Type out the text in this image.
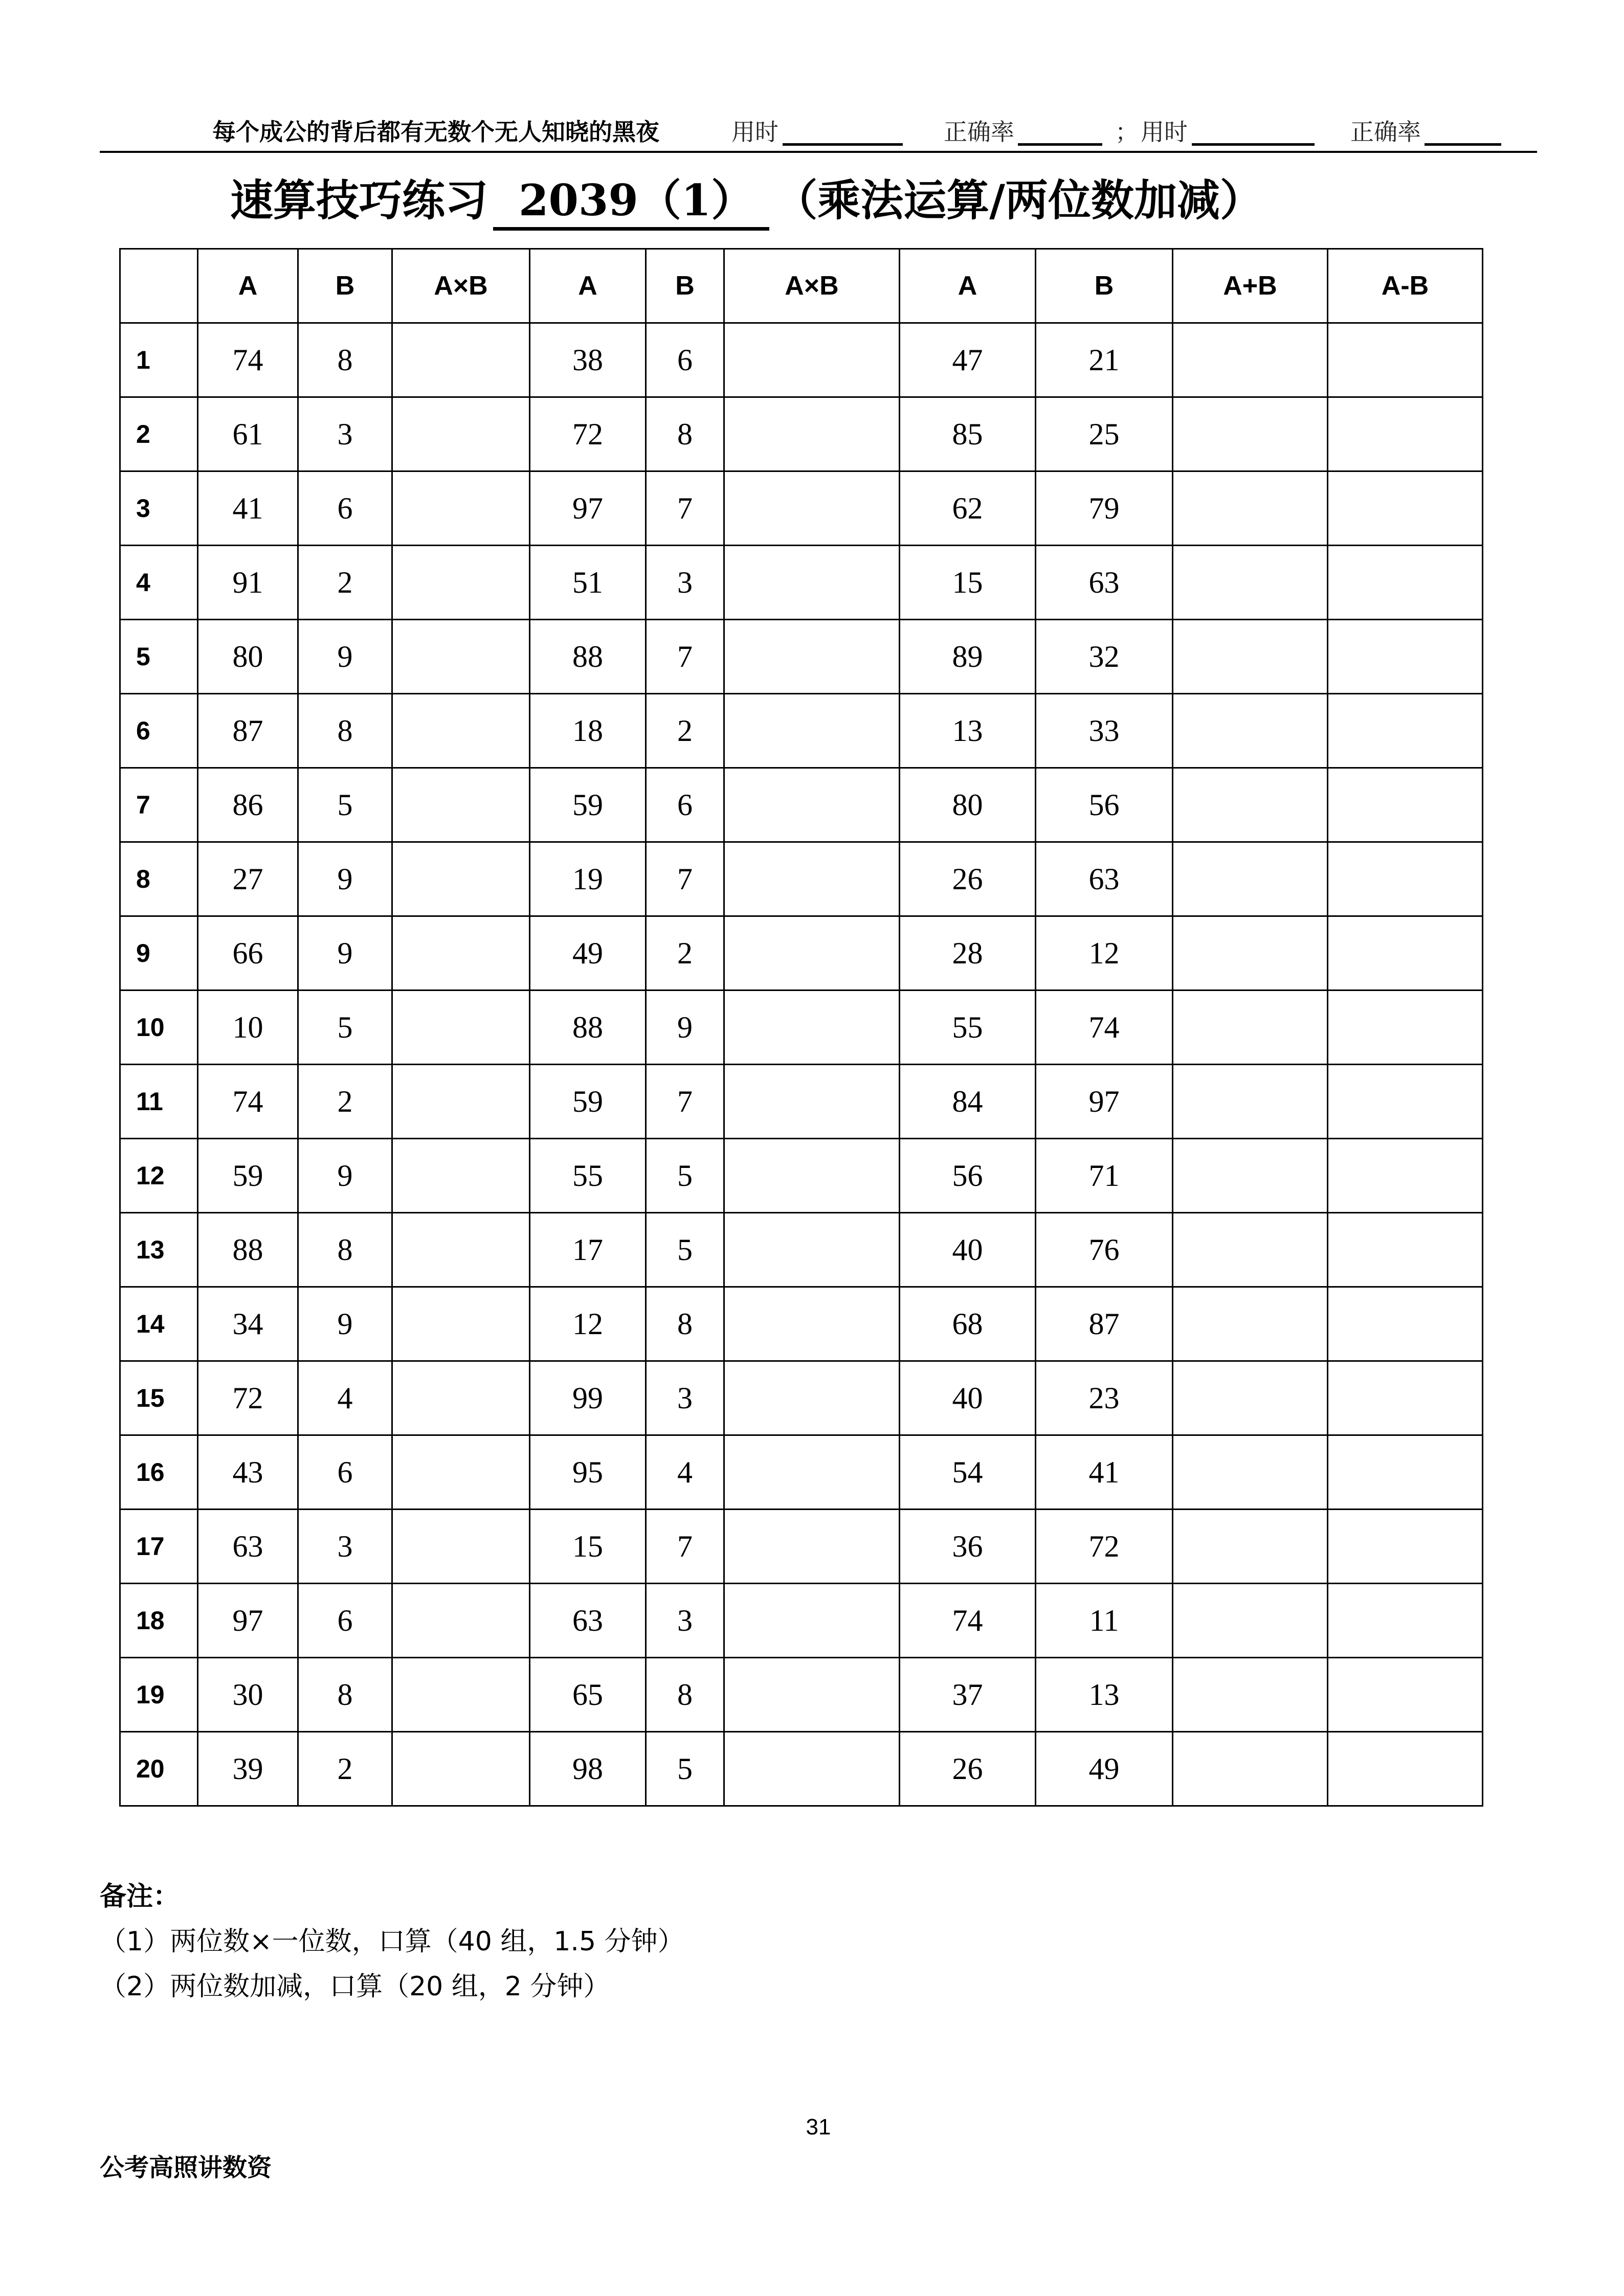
每个成公的背后都有无数个无人知晓的黑夜	用时	正确率	； 用时	正确率
速算技巧练习 2039（1） （乘法运算/两位数加减）
	A	B	A×B	A	B	A×B	A	B	A+B	A-B
1	74	8		38	6		47	21		
2	61	3		72	8		85	25		
3	41	6		97	7		62	79		
4	91	2		51	3		15	63		
5	80	9		88	7		89	32		
6	87	8		18	2		13	33		
7	86	5		59	6		80	56		
8	27	9		19	7		26	63		
9	66	9		49	2		28	12		
10	10	5		88	9		55	74		
11	74	2		59	7		84	97		
12	59	9		55	5		56	71		
13	88	8		17	5		40	76		
14	34	9		12	8		68	87		
15	72	4		99	3		40	23		
16	43	6		95	4		54	41		
17	63	3		15	7		36	72		
18	97	6		63	3		74	11		
19	30	8		65	8		37	13		
20	39	2		98	5		26	49		
备注：
（1）两位数×一位数，口算（40 组，1.5 分钟）
（2）两位数加减，口算（20 组，2 分钟）
31
公考高照讲数资
